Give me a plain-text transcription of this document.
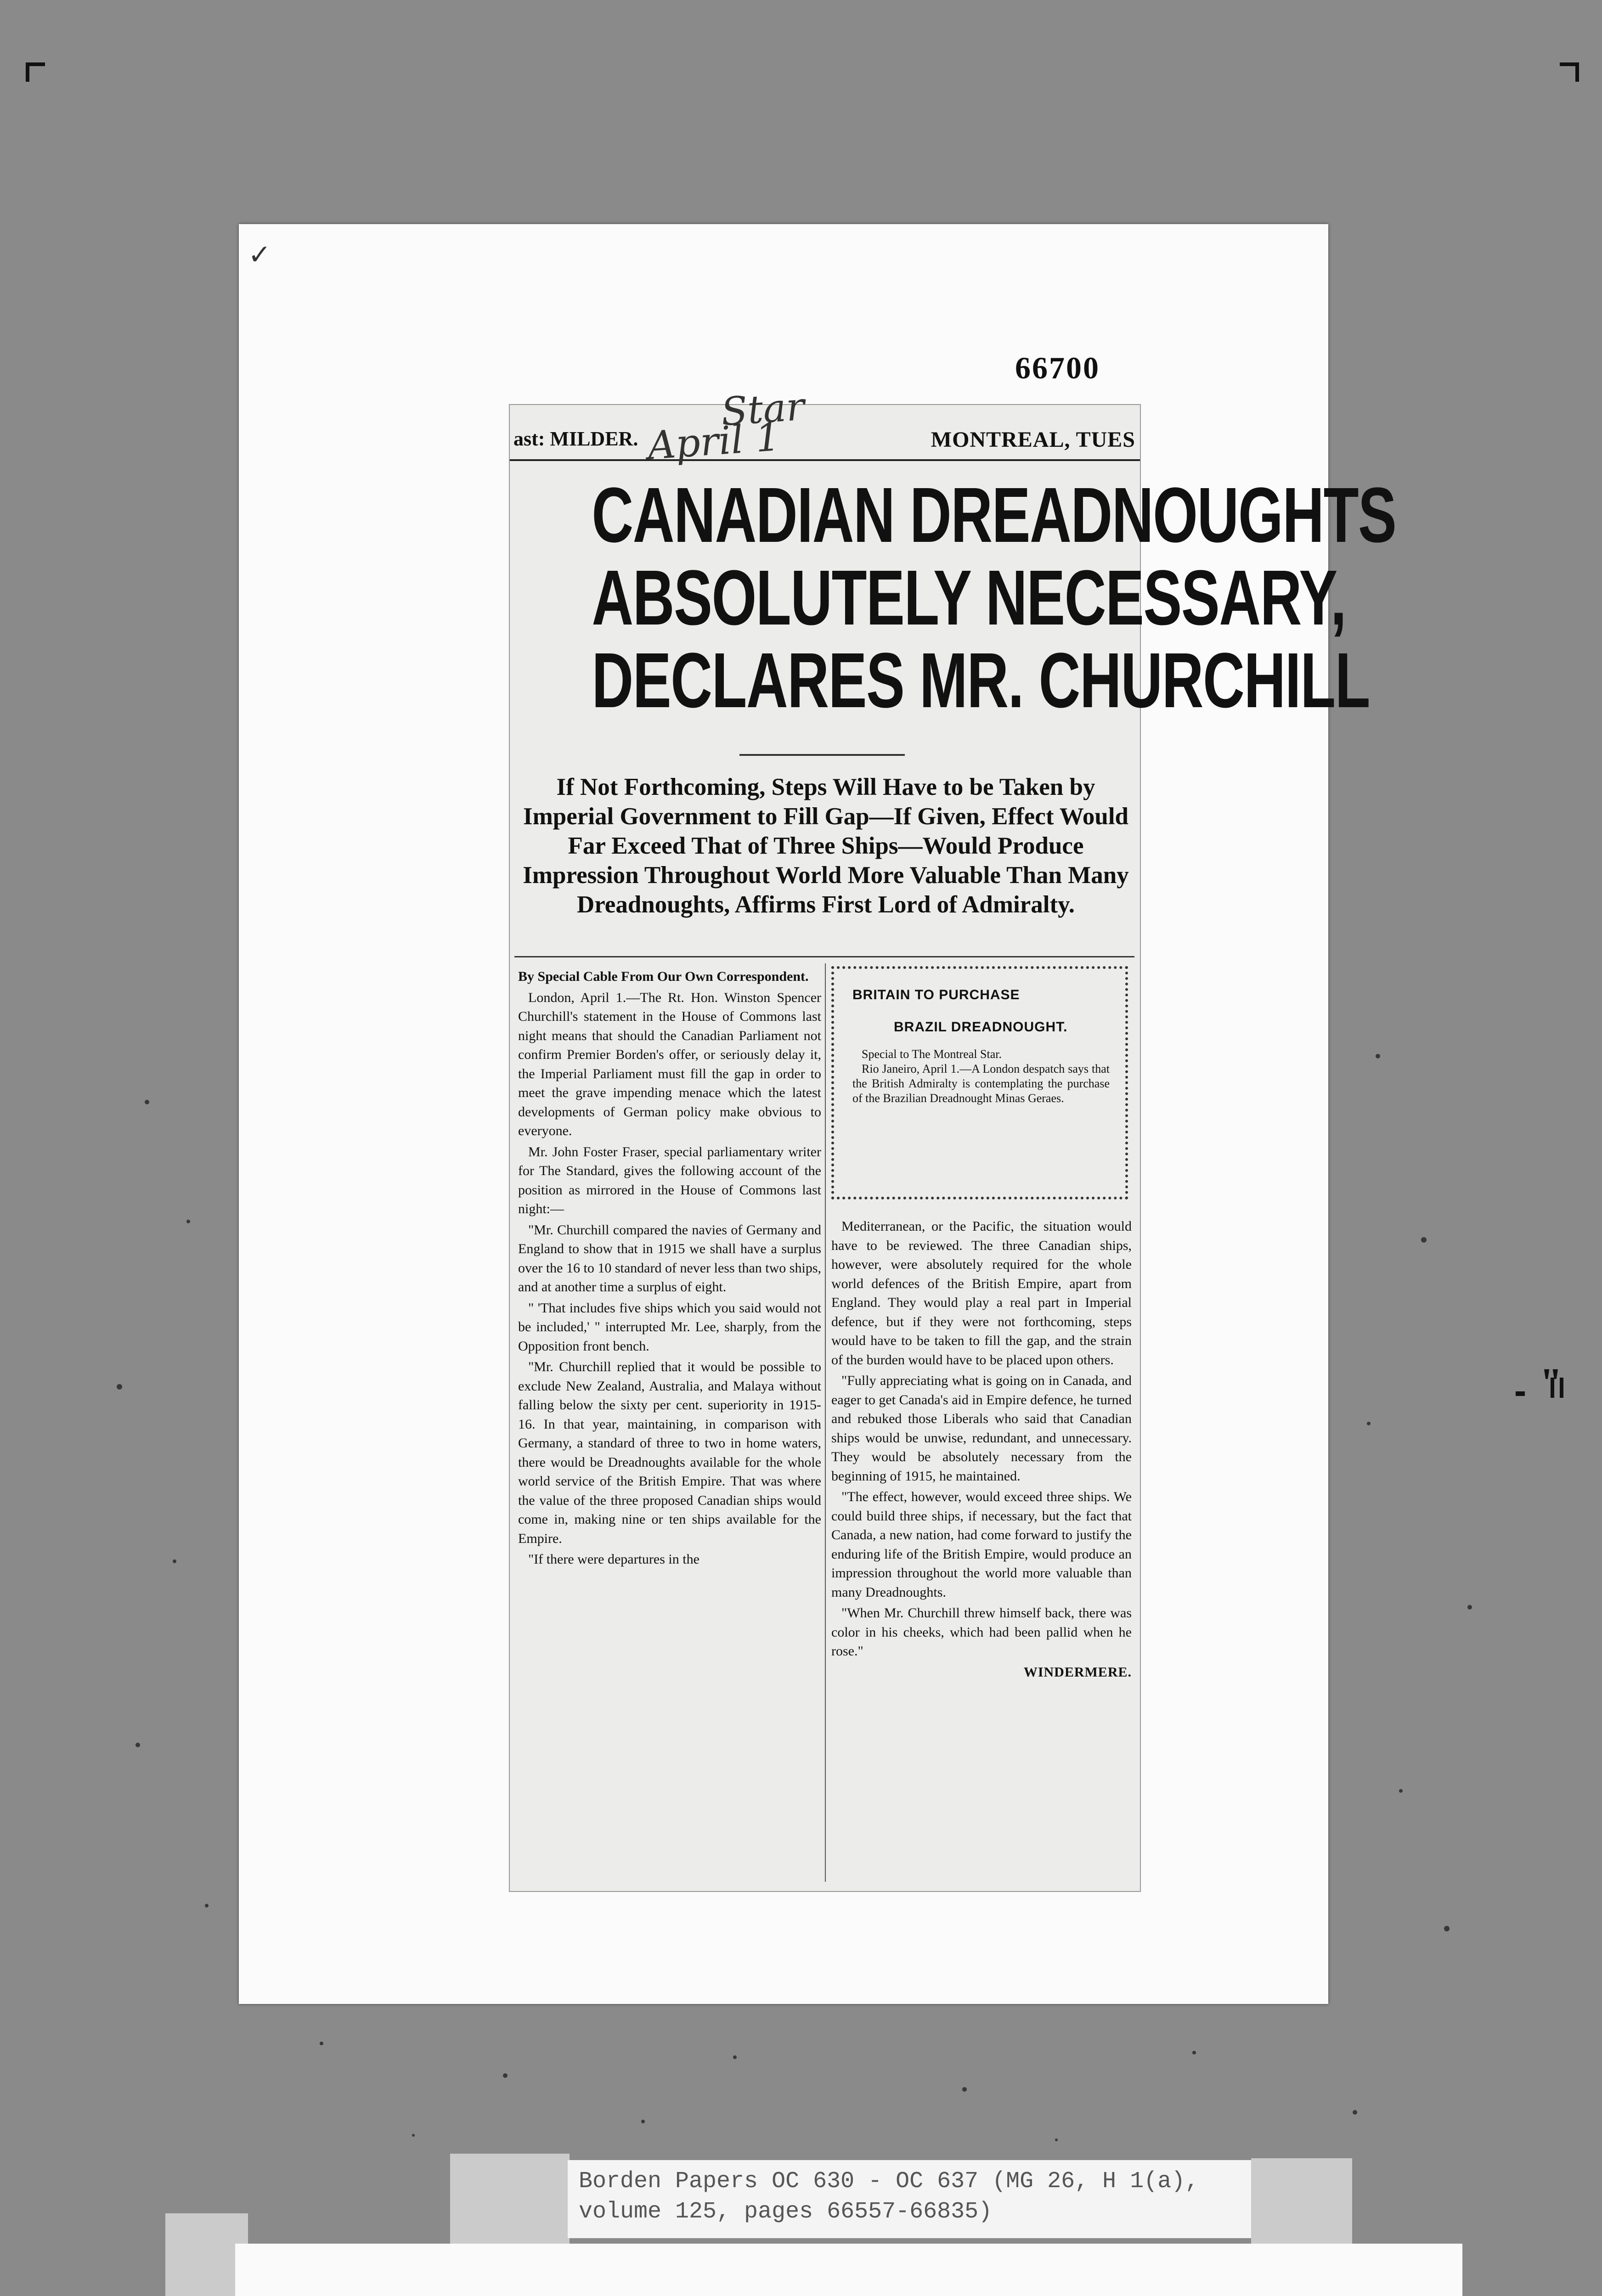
✓
66700
Star
ast: MILDER.	MONTREAL, TUES
April 1
CANADIAN DREADNOUGHTS
ABSOLUTELY NECESSARY,
DECLARES MR. CHURCHILL
If Not Forthcoming, Steps Will Have to be Taken by Imperial Government to Fill Gap—If Given, Effect Would Far Exceed That of Three Ships—Would Produce Impression Throughout World More Valuable Than Many Dreadnoughts, Affirms First Lord of Admiralty.

By Special Cable From Our Own Correspondent.

London, April 1.—The Rt. Hon. Winston Spencer Churchill's statement in the House of Commons last night means that should the Canadian Parliament not confirm Premier Borden's offer, or seriously delay it, the Imperial Parliament must fill the gap in order to meet the grave impending menace which the latest developments of German policy make obvious to everyone.

Mr. John Foster Fraser, special parliamentary writer for The Standard, gives the following account of the position as mirrored in the House of Commons last night:—

"Mr. Churchill compared the navies of Germany and England to show that in 1915 we shall have a surplus over the 16 to 10 standard of never less than two ships, and at another time a surplus of eight.

" 'That includes five ships which you said would not be included,' " interrupted Mr. Lee, sharply, from the Opposition front bench.

"Mr. Churchill replied that it would be possible to exclude New Zealand, Australia, and Malaya without falling below the sixty per cent. superiority in 1915-16. In that year, maintaining, in comparison with Germany, a standard of three to two in home waters, there would be Dreadnoughts available for the whole world service of the British Empire. That was where the value of the three proposed Canadian ships would come in, making nine or ten ships available for the Empire.

"If there were departures in the

BRITAIN TO PURCHASE
BRAZIL DREADNOUGHT.

Special to The Montreal Star.

Rio Janeiro, April 1.—A London despatch says that the British Admiralty is contemplating the purchase of the Brazilian Dreadnought Minas Geraes.

Mediterranean, or the Pacific, the situation would have to be reviewed. The three Canadian ships, however, were absolutely required for the whole world defences of the British Empire, apart from England. They would play a real part in Imperial defence, but if they were not forthcoming, steps would have to be taken to fill the gap, and the strain of the burden would have to be placed upon others.

"Fully appreciating what is going on in Canada, and eager to get Canada's aid in Empire defence, he turned and rebuked those Liberals who said that Canadian ships would be unwise, redundant, and unnecessary. They would be absolutely necessary from the beginning of 1915, he maintained.

"The effect, however, would exceed three ships. We could build three ships, if necessary, but the fact that Canada, a new nation, had come forward to justify the enduring life of the British Empire, would produce an impression throughout the world more valuable than many Dreadnoughts.

"When Mr. Churchill threw himself back, there was color in his cheeks, which had been pallid when he rose."

WINDERMERE.

Borden Papers OC 630 - OC 637 (MG 26, H 1(a),
volume 125, pages 66557-66835)
"
